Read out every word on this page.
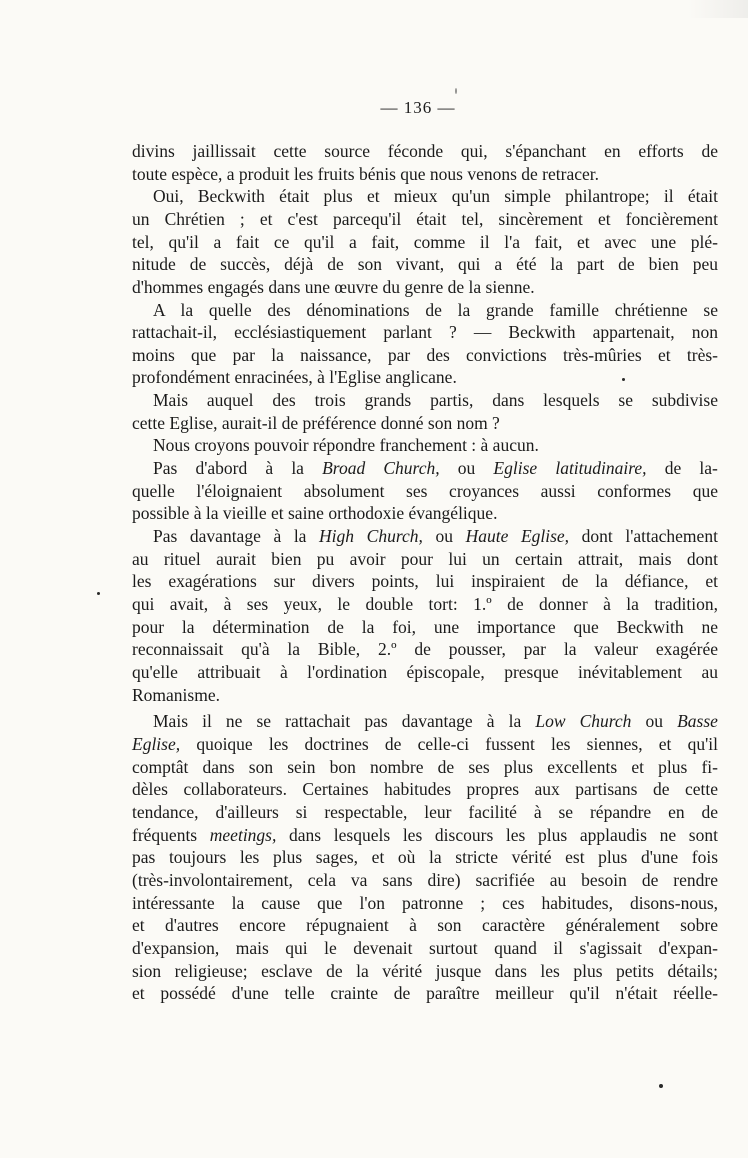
— 136 —
divins jaillissait cette source féconde qui, s'épanchant en efforts de
toute espèce, a produit les fruits bénis que nous venons de retracer.
Oui, Beckwith était plus et mieux qu'un simple philantrope; il était
un Chrétien ; et c'est parcequ'il était tel, sincèrement et foncièrement
tel, qu'il a fait ce qu'il a fait, comme il l'a fait, et avec une plé-
nitude de succès, déjà de son vivant, qui a été la part de bien peu
d'hommes engagés dans une œuvre du genre de la sienne.
A la quelle des dénominations de la grande famille chrétienne se
rattachait-il, ecclésiastiquement parlant ? — Beckwith appartenait, non
moins que par la naissance, par des convictions très-mûries et très-
profondément enracinées, à l'Eglise anglicane.
Mais auquel des trois grands partis, dans lesquels se subdivise
cette Eglise, aurait-il de préférence donné son nom ?
Nous croyons pouvoir répondre franchement : à aucun.
Pas d'abord à la Broad Church, ou Eglise latitudinaire, de la-
quelle l'éloignaient absolument ses croyances aussi conformes que
possible à la vieille et saine orthodoxie évangélique.
Pas davantage à la High Church, ou Haute Eglise, dont l'attachement
au rituel aurait bien pu avoir pour lui un certain attrait, mais dont
les exagérations sur divers points, lui inspiraient de la défiance, et
qui avait, à ses yeux, le double tort: 1.º de donner à la tradition,
pour la détermination de la foi, une importance que Beckwith ne
reconnaissait qu'à la Bible, 2.º de pousser, par la valeur exagérée
qu'elle attribuait à l'ordination épiscopale, presque inévitablement au
Romanisme.
Mais il ne se rattachait pas davantage à la Low Church ou Basse
Eglise, quoique les doctrines de celle-ci fussent les siennes, et qu'il
comptât dans son sein bon nombre de ses plus excellents et plus fi-
dèles collaborateurs. Certaines habitudes propres aux partisans de cette
tendance, d'ailleurs si respectable, leur facilité à se répandre en de
fréquents meetings, dans lesquels les discours les plus applaudis ne sont
pas toujours les plus sages, et où la stricte vérité est plus d'une fois
(très-involontairement, cela va sans dire) sacrifiée au besoin de rendre
intéressante la cause que l'on patronne ; ces habitudes, disons-nous,
et d'autres encore répugnaient à son caractère généralement sobre
d'expansion, mais qui le devenait surtout quand il s'agissait d'expan-
sion religieuse; esclave de la vérité jusque dans les plus petits détails;
et possédé d'une telle crainte de paraître meilleur qu'il n'était réelle-
